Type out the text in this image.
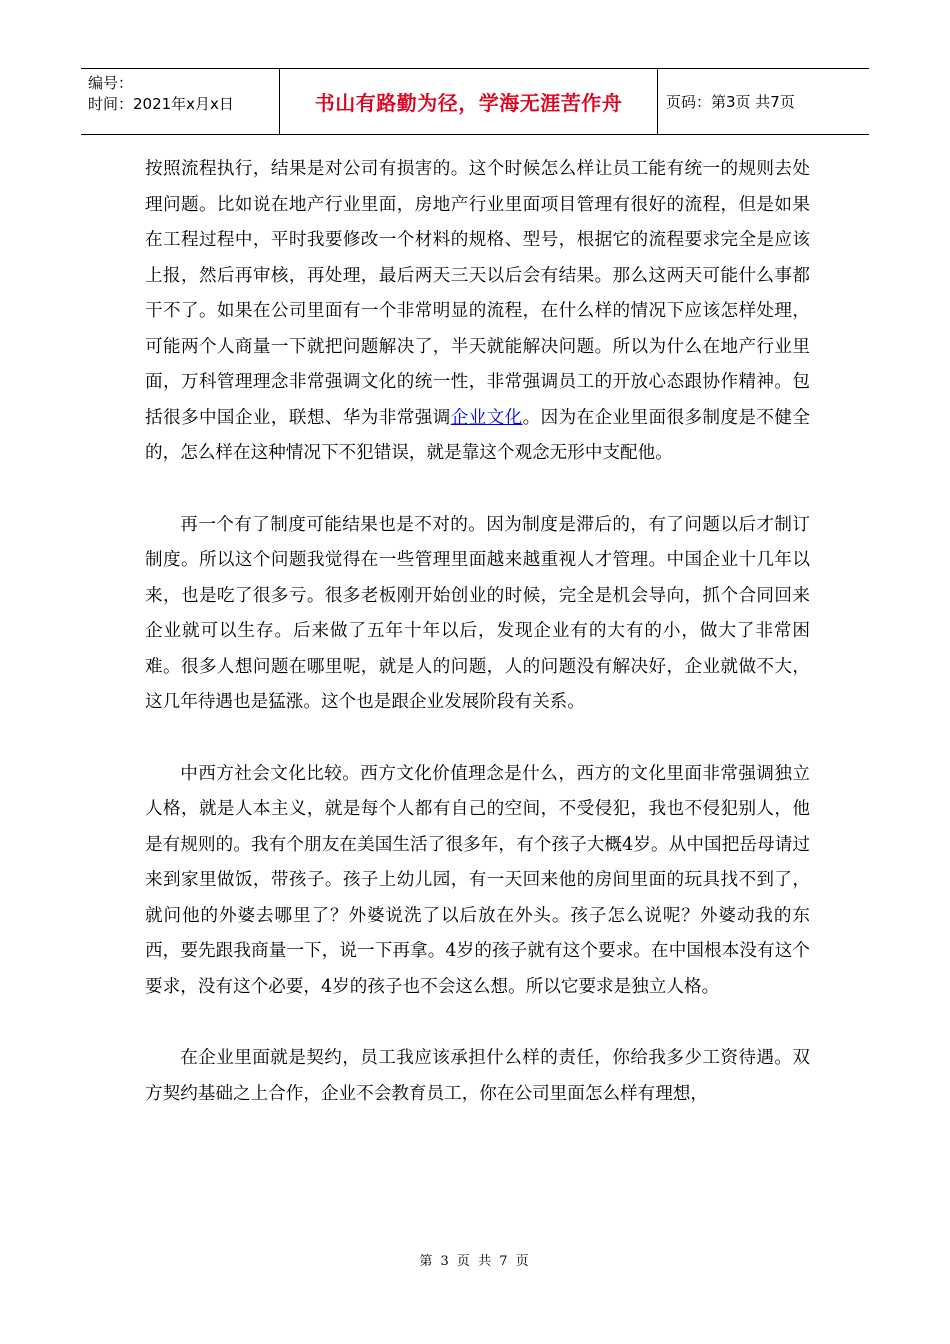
编号：
时间：2021年x月x日	书山有路勤为径，学海无涯苦作舟	页码：第3页 共7页

按照流程执行，结果是对公司有损害的。这个时候怎么样让员工能有统一的规则去处理问题。比如说在地产行业里面，房地产行业里面项目管理有很好的流程，但是如果在工程过程中，平时我要修改一个材料的规格、型号，根据它的流程要求完全是应该上报，然后再审核，再处理，最后两天三天以后会有结果。那么这两天可能什么事都干不了。如果在公司里面有一个非常明显的流程，在什么样的情况下应该怎样处理，可能两个人商量一下就把问题解决了，半天就能解决问题。所以为什么在地产行业里面，万科管理理念非常强调文化的统一性，非常强调员工的开放心态跟协作精神。包括很多中国企业，联想、华为非常强调企业文化。因为在企业里面很多制度是不健全的，怎么样在这种情况下不犯错误，就是靠这个观念无形中支配他。

再一个有了制度可能结果也是不对的。因为制度是滞后的，有了问题以后才制订制度。所以这个问题我觉得在一些管理里面越来越重视人才管理。中国企业十几年以来，也是吃了很多亏。很多老板刚开始创业的时候，完全是机会导向，抓个合同回来企业就可以生存。后来做了五年十年以后，发现企业有的大有的小，做大了非常困难。很多人想问题在哪里呢，就是人的问题，人的问题没有解决好，企业就做不大，这几年待遇也是猛涨。这个也是跟企业发展阶段有关系。

中西方社会文化比较。西方文化价值理念是什么，西方的文化里面非常强调独立人格，就是人本主义，就是每个人都有自己的空间，不受侵犯，我也不侵犯别人，他是有规则的。我有个朋友在美国生活了很多年，有个孩子大概4岁。从中国把岳母请过来到家里做饭，带孩子。孩子上幼儿园，有一天回来他的房间里面的玩具找不到了，就问他的外婆去哪里了？外婆说洗了以后放在外头。孩子怎么说呢？外婆动我的东西，要先跟我商量一下，说一下再拿。4岁的孩子就有这个要求。在中国根本没有这个要求，没有这个必要，4岁的孩子也不会这么想。所以它要求是独立人格。

在企业里面就是契约，员工我应该承担什么样的责任，你给我多少工资待遇。双方契约基础之上合作，企业不会教育员工，你在公司里面怎么样有理想，

第 3 页 共 7 页
